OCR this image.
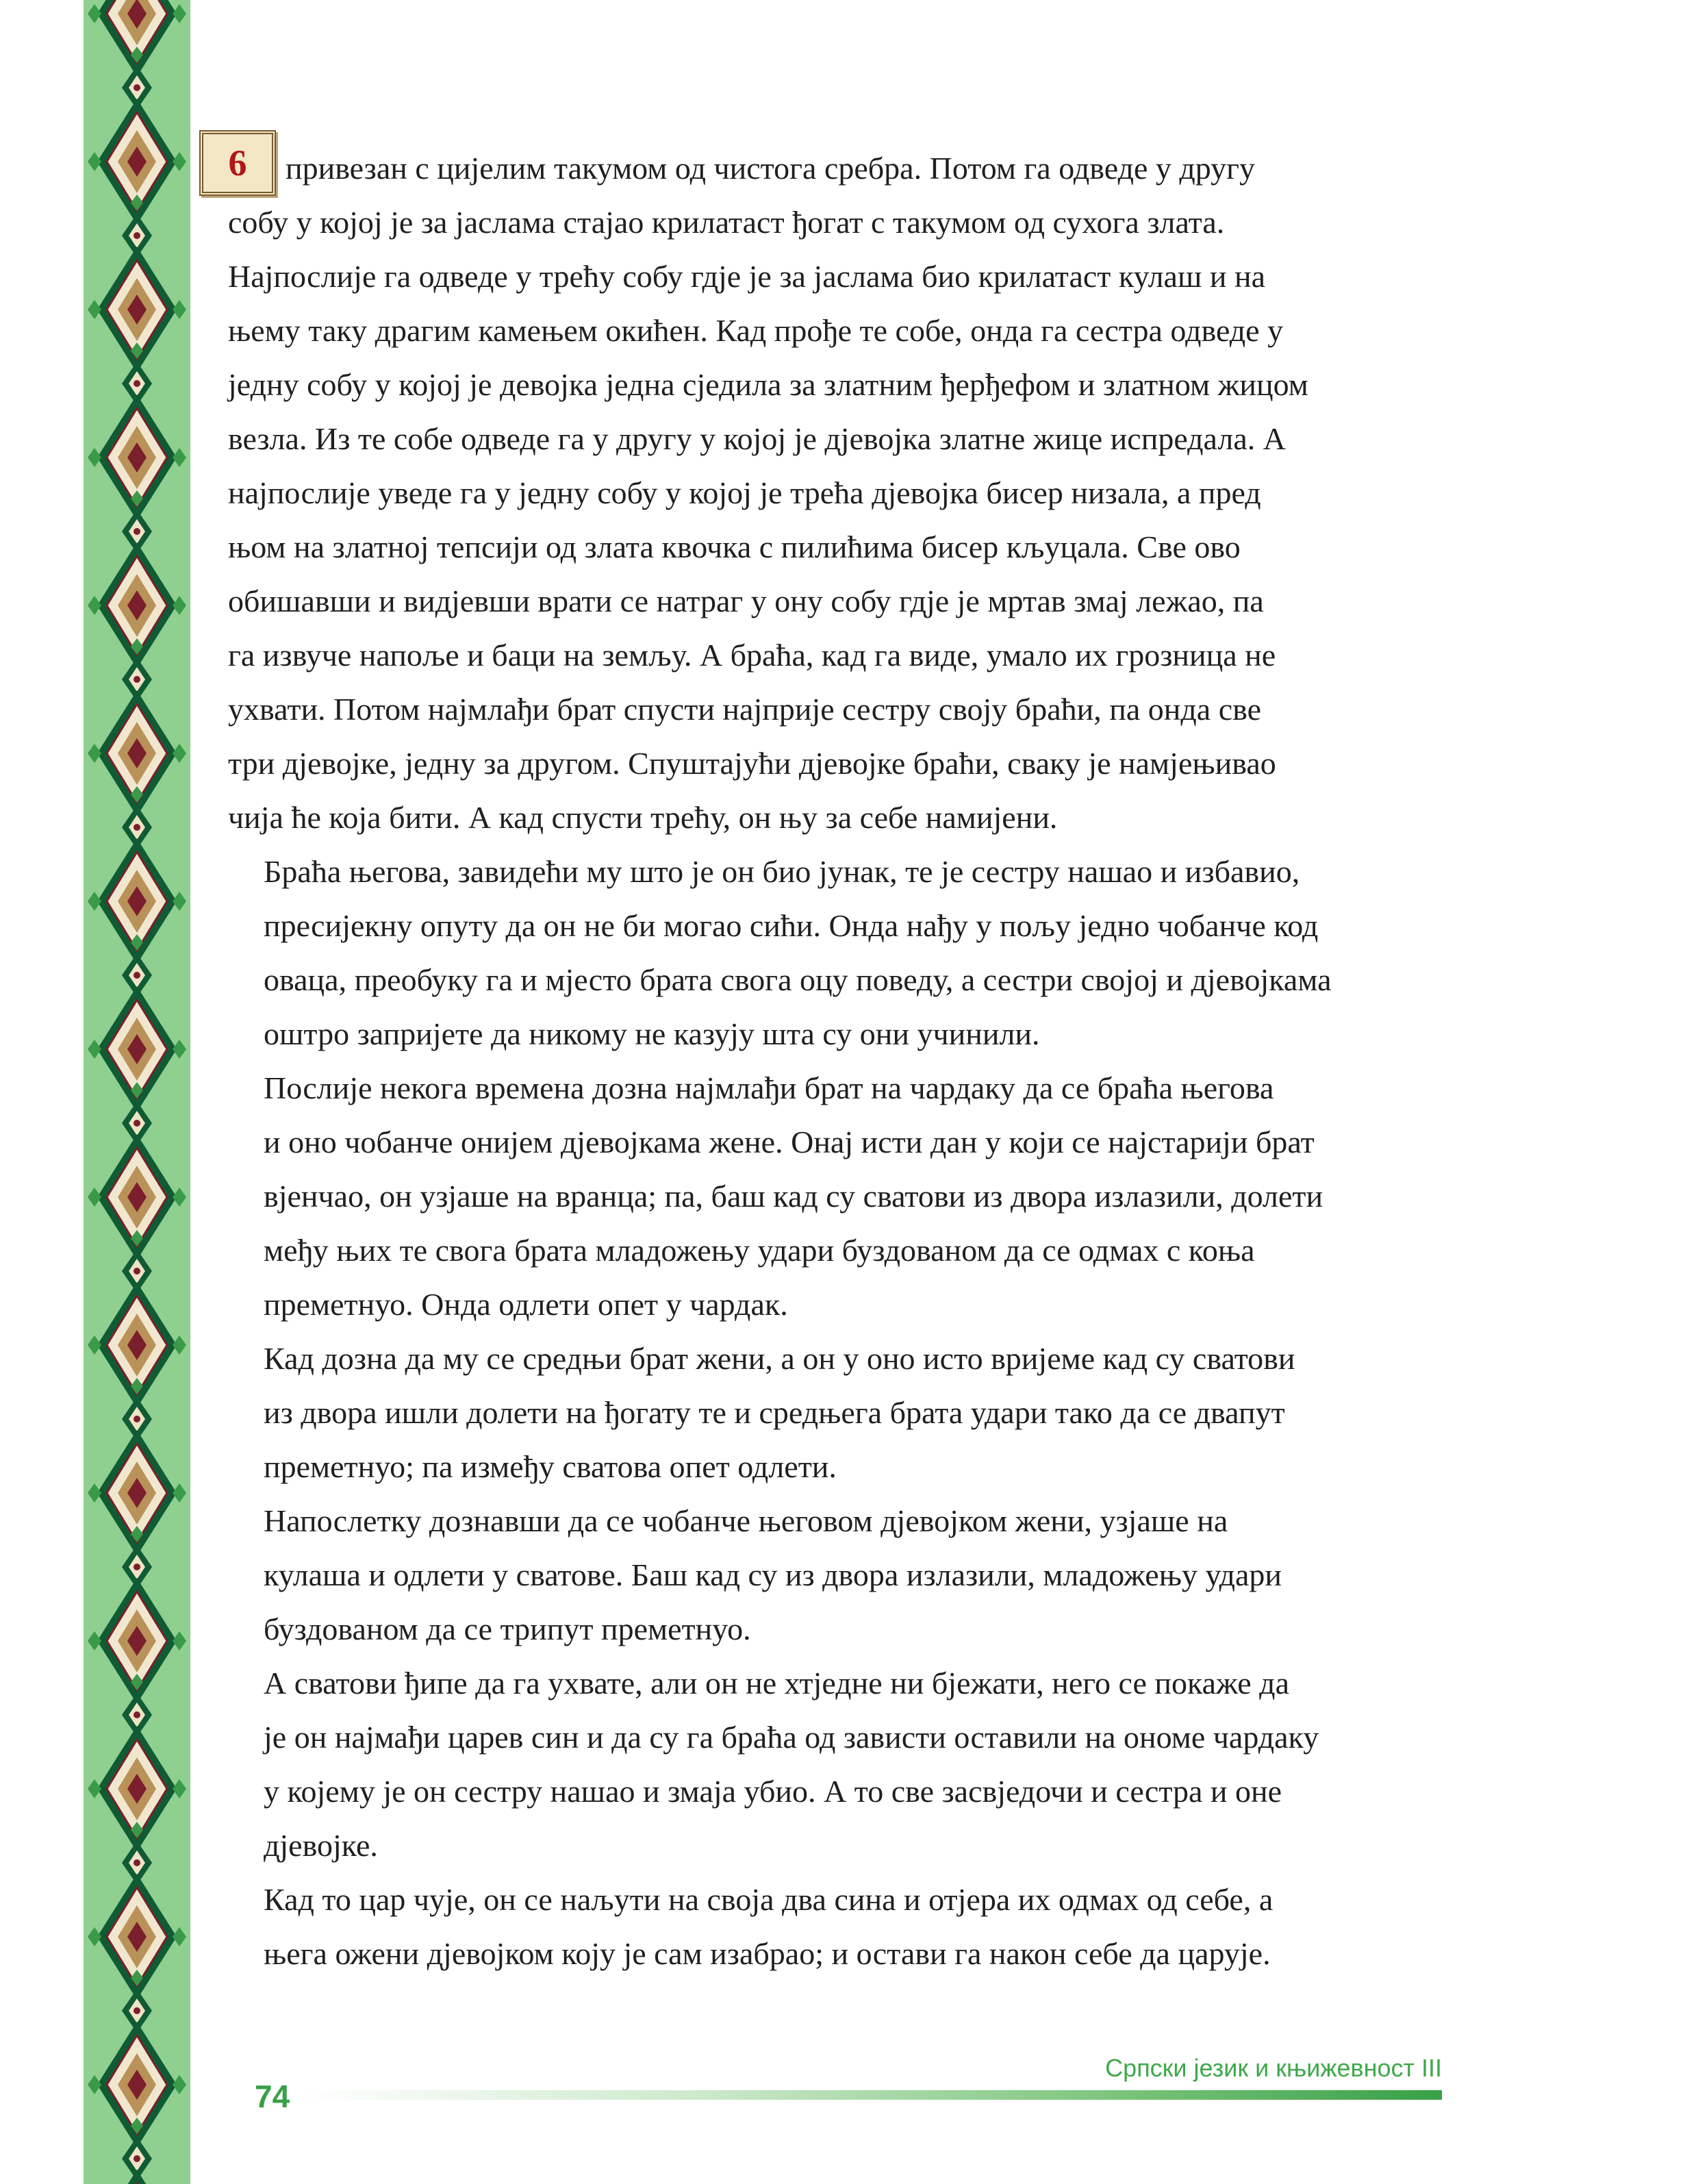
6	привезан с цијелим такумом од чистога сребра. Потом га одведе у другу
собу у којој је за јаслама стајао крилатаст ђогат с такумом од сухога злата.
Најпослије га одведе у трећу собу гдје је за јаслама био крилатаст кулаш и на
њему таку драгим камењем окићен. Кад прође те собе, онда га сестра одведе у
једну собу у којој је девојка једна сједила за златним ђерђефом и златном жицом
везла. Из те собе одведе га у другу у којој је дјевојка златне жице испредала. А
најпослије уведе га у једну собу у којој је трећа дјевојка бисер низала, а пред
њом на златној тепсији од злата квочка с пилићима бисер кљуцала. Све ово
обишавши и видјевши врати се натраг у ону собу гдје је мртав змај лежао, па
га извуче напоље и баци на земљу. А браћа, кад га виде, умало их грозница не
ухвати. Потом најмлађи брат спусти најприје сестру своју браћи, па онда све
три дјевојке, једну за другом. Спуштајући дјевојке браћи, сваку је намјењивао
чија ће која бити. А кад спусти трећу, он њу за себе намијени.

Браћа његова, завидећи му што је он био јунак, те је сестру нашао и избавио,
пресијекну опуту да он не би могао сићи. Онда нађу у пољу једно чобанче код
оваца, преобуку га и мјесто брата свога оцу поведу, а сестри својој и дјевојкама
оштро запријете да никому не казују шта су они учинили.

Послије некога времена дозна најмлађи брат на чардаку да се браћа његова
и оно чобанче онијем дјевојкама жене. Онај исти дан у који се најстарији брат
вјенчао, он узјаше на вранца; па, баш кад су сватови из двора излазили, долети
међу њих те свога брата младожењу удари буздованом да се одмах с коња
преметнуо. Онда одлети опет у чардак.

Кад дозна да му се средњи брат жени, а он у оно исто вријеме кад су сватови
из двора ишли долети на ђогату те и средњега брата удари тако да се двапут
преметнуо; па између сватова опет одлети.

Напослетку дознавши да се чобанче његовом дјевојком жени, узјаше на
кулаша и одлети у сватове. Баш кад су из двора излазили, младожењу удари
буздованом да се трипут преметнуо.

А сватови ђипе да га ухвате, али он не хтједне ни бјежати, него се покаже да
је он најмађи царев син и да су га браћа од зависти оставили на ономе чардаку
у којему је он сестру нашао и змаја убио. А то све засвједочи и сестра и оне
дјевојке.

Кад то цар чује, он се наљути на своја два сина и отјера их одмах од себе, а
њега ожени дјевојком коју је сам изабрао; и остави га након себе да царује.

Српски језик и књижевност III
74
